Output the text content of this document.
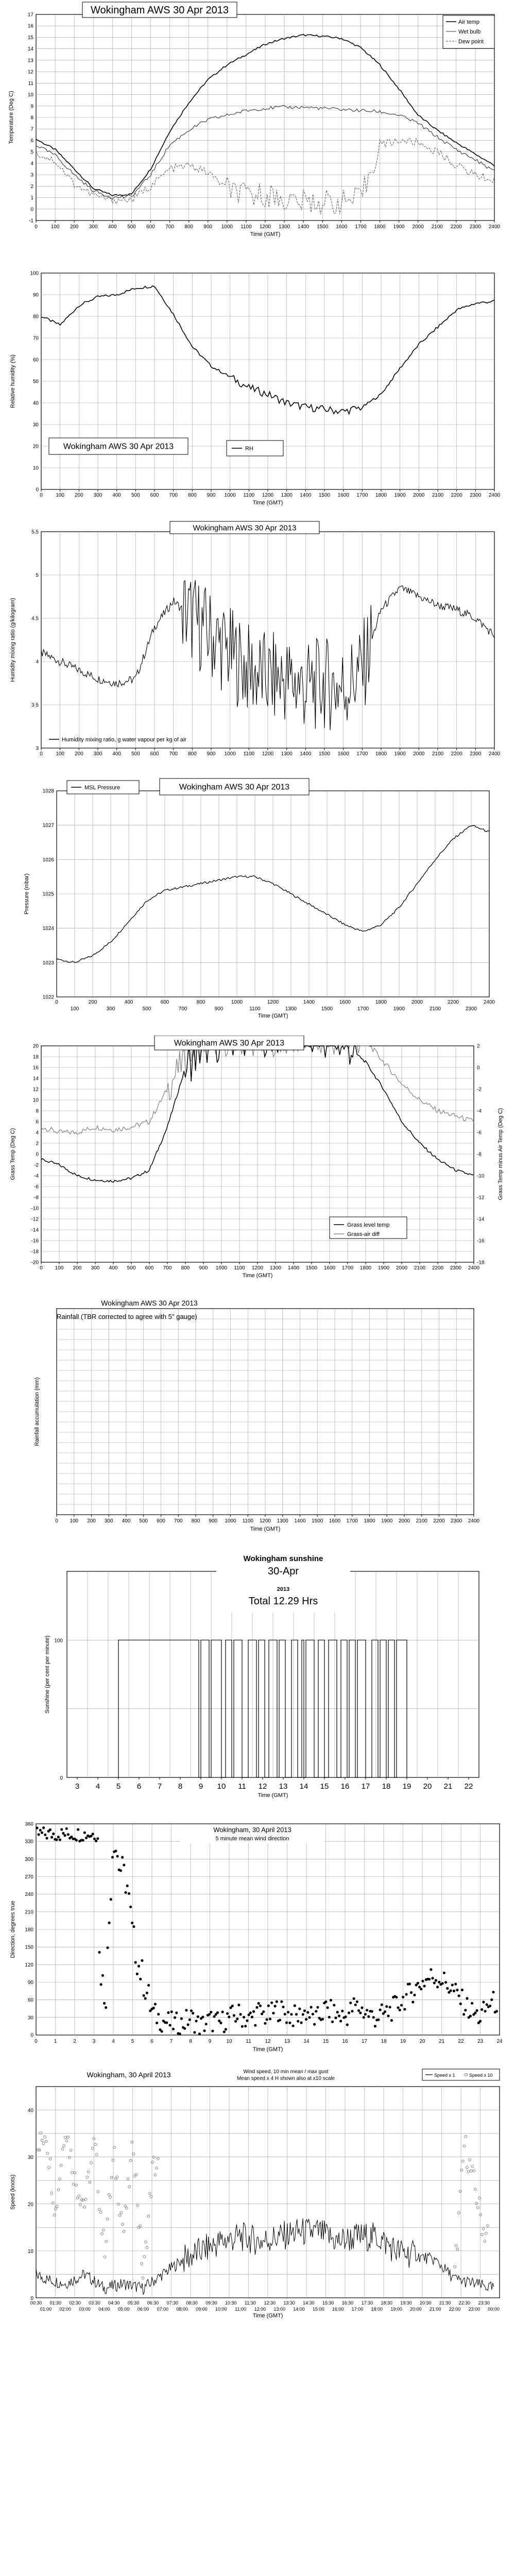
0	100 200 300 400 500 600 700 800 900 1000 1100 1200 1300 1400 1500 1600 1700 1800 1900 2000 2100 2200 2300 2400
-1
0
1
2
3
4
5
6
7
8
9
10
11
12
13
14
15
16
17
Time (GMT)
Temperature (Deg C)
Wokingham AWS 30 Apr 2013
Air temp
Wet bulb
Dew point
0	100 200 300 400 500 600 700 800 900 1000 1100 1200 1300 1400 1500 1600 1700 1800 1900 2000 2100 2200 2300 2400
0
10
20
30
40
50
60
70
80
90
100
Time (GMT)
Relative humidity (%)
Wokingham AWS 30 Apr 2013	RH
0	100 200 300 400 500 600 700 800 900 1000 1100 1200 1300 1400 1500 1600 1700 1800 1900 2000 2100 2200 2300 2400
3
3.5
4
4.5
5
5.5
Humidity mixing ratio (g/kilogram)
Wokingham AWS 30 Apr 2013
Humidity mixing ratio, g water vapour per kg of air
0	200	400	600	800	1000	1200	1400	1600	1800	2000	2200	2400
100	300	500	700	900	1100	1300	1500	1700	1900	2100	2300
1022
1023
1024
1025
1026
1027
1028
Time (GMT)
Pressure (mbar)
MSL Pressure	Wokingham AWS 30 Apr 2013
0 100 200 300 400 500 600 700 800 900 1000 1100 1200 1300 1400 1500 1600 1700 1800 1900 2000 2100 2200 2300 2400
-20
-18
-16
-14
-12
-10
-8
-6
-4
-2
0
2
4
6
8
10
12
14
16
18
20
-18
-16
-14
-12
-10
-8
-6
-4
-2
0
2
Time (GMT)
Grass Temp (Deg C)	Grass Temp minus Air Temp (Deg C)
Wokingham AWS 30 Apr 2013
Grass level temp
Grass-air diff
0 100 200 300 400 500 600 700 800 900 1000 1100 1200 1300 1400 1500 1600 1700 1800 1900 2000 2100 2200 2300 2400
Time (GMT)
Rainfall accumulation (mm)
Wokingham AWS 30 Apr 2013
Rainfall (TBR corrected to agree with 5" gauge)
3 4 5 6 7 8 9 10 11 12 13 14 15 16 17 18 19 20 21 22
0
100
Time (GMT)
Sunshine (per cent per minute)
Wokingham sunshine
30-Apr
2013
Total 12.29 Hrs
0	1	2	3	4	5	6	7	8	9	10	11	12	13	14	15	16	17	18	19	20	21	22	23	24
0
30
60
90
120
150
180
210
240
270
300
330
360
Time (GMT)
Direction, degrees true
Wokingham, 30 April 2013
5 minute mean wind direction
00:30 01:30 02:30 03:30 04:30 05:30 06:30 07:30 08:30 09:30 10:30 11:30 12:30 13:30 14:30 15:30 16:30 17:30 18:30 19:30 20:30 21:30 22:30 23:30
01:00 02:00 03:00 04:00 05:00 06:00 07:00 08:00 09:00 10:00 11:00 12:00 13:00 14:00 15:00 16:00 17:00 18:00 19:00 20:00 21:00 22:00 23:00 00:00
0
10
20
30
40
Time (GMT)
Speed (knots)
Wokingham, 30 April 2013	Wind speed, 10 min mean / max gust
Mean speed x 4 H shown also at x10 scale
Speed x 1	Speed x 10
